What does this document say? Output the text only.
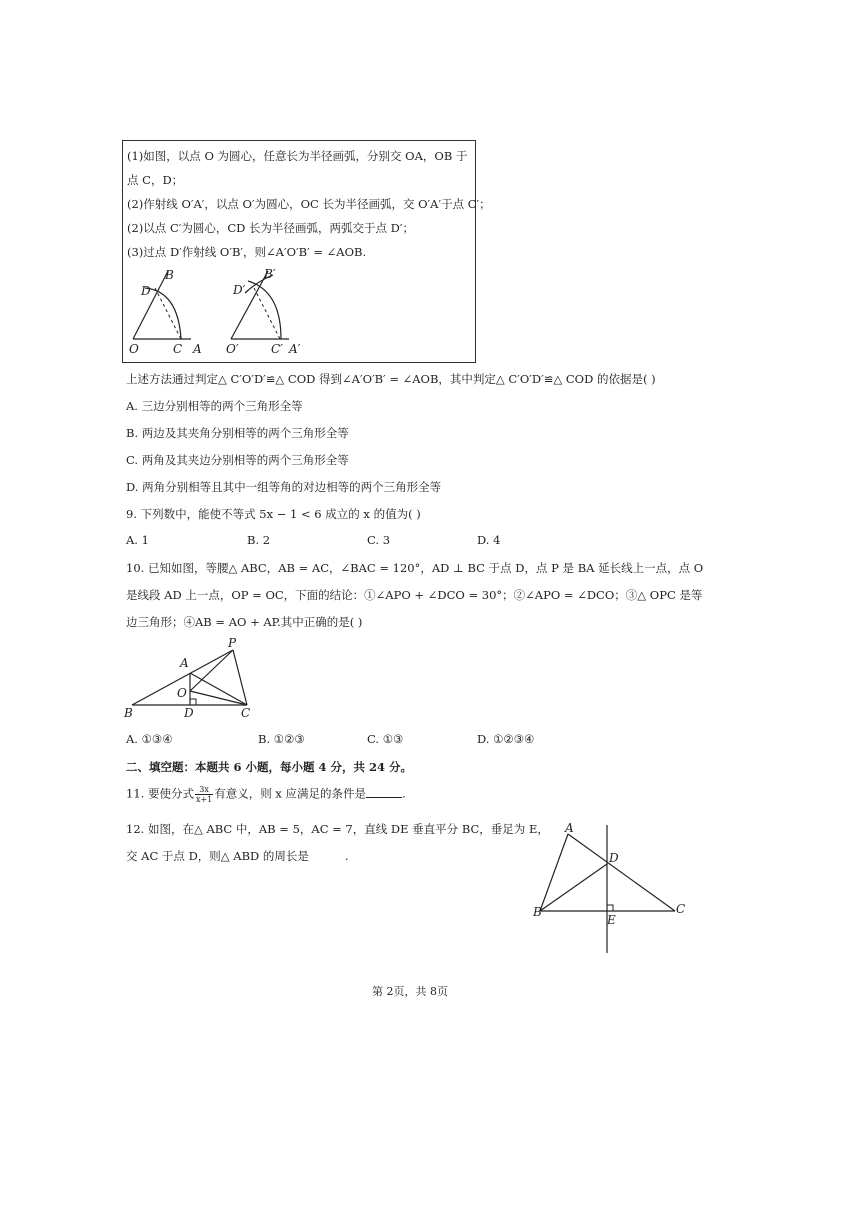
B
D
O	C A
B′
D′
O′	C′ A′
(1)如图，以点 O 为圆心，任意长为半径画弧，分别交 OA，OB 于
点 C，D；
(2)作射线 O′A′，以点 O′为圆心，OC 长为半径画弧，交 O′A′于点 C′；
(2)以点 C′为圆心，CD 长为半径画弧，两弧交于点 D′；
(3)过点 D′作射线 O′B′，则∠A′O′B′ = ∠AOB.
上述方法通过判定△ C′O′D′≌△ COD 得到∠A′O′B′ = ∠AOB，其中判定△ C′O′D′≌△ COD 的依据是( )
A. 三边分别相等的两个三角形全等
B. 两边及其夹角分别相等的两个三角形全等
C. 两角及其夹边分别相等的两个三角形全等
D. 两角分别相等且其中一组等角的对边相等的两个三角形全等
9. 下列数中，能使不等式 5x − 1 < 6 成立的 x 的值为( )
A. 1	B. 2	C. 3	D. 4
10. 已知如图，等腰△ ABC，AB = AC，∠BAC = 120°，AD ⊥ BC 于点 D，点 P 是 BA 延长线上一点，点 O
是线段 AD 上一点，OP = OC，下面的结论：①∠APO + ∠DCO = 30°；②∠APO = ∠DCO；③△ OPC 是等
边三角形；④AB = AO + AP.其中正确的是( )
P
A
O
B	D	C
A. ①③④	B. ①②③	C. ①③	D. ①②③④
二、填空题：本题共 6 小题，每小题 4 分，共 24 分。
11. 要使分式 $\frac{3x}{x+1}$ 有意义，则 x 应满足的条件是	.
12. 如图，在△ ABC 中，AB = 5，AC = 7，直线 DE 垂直平分 BC，垂足为 E，
交 AC 于点 D，则△ ABD 的周长是	.
A
D
B
E
C
第 2页，共 8页
